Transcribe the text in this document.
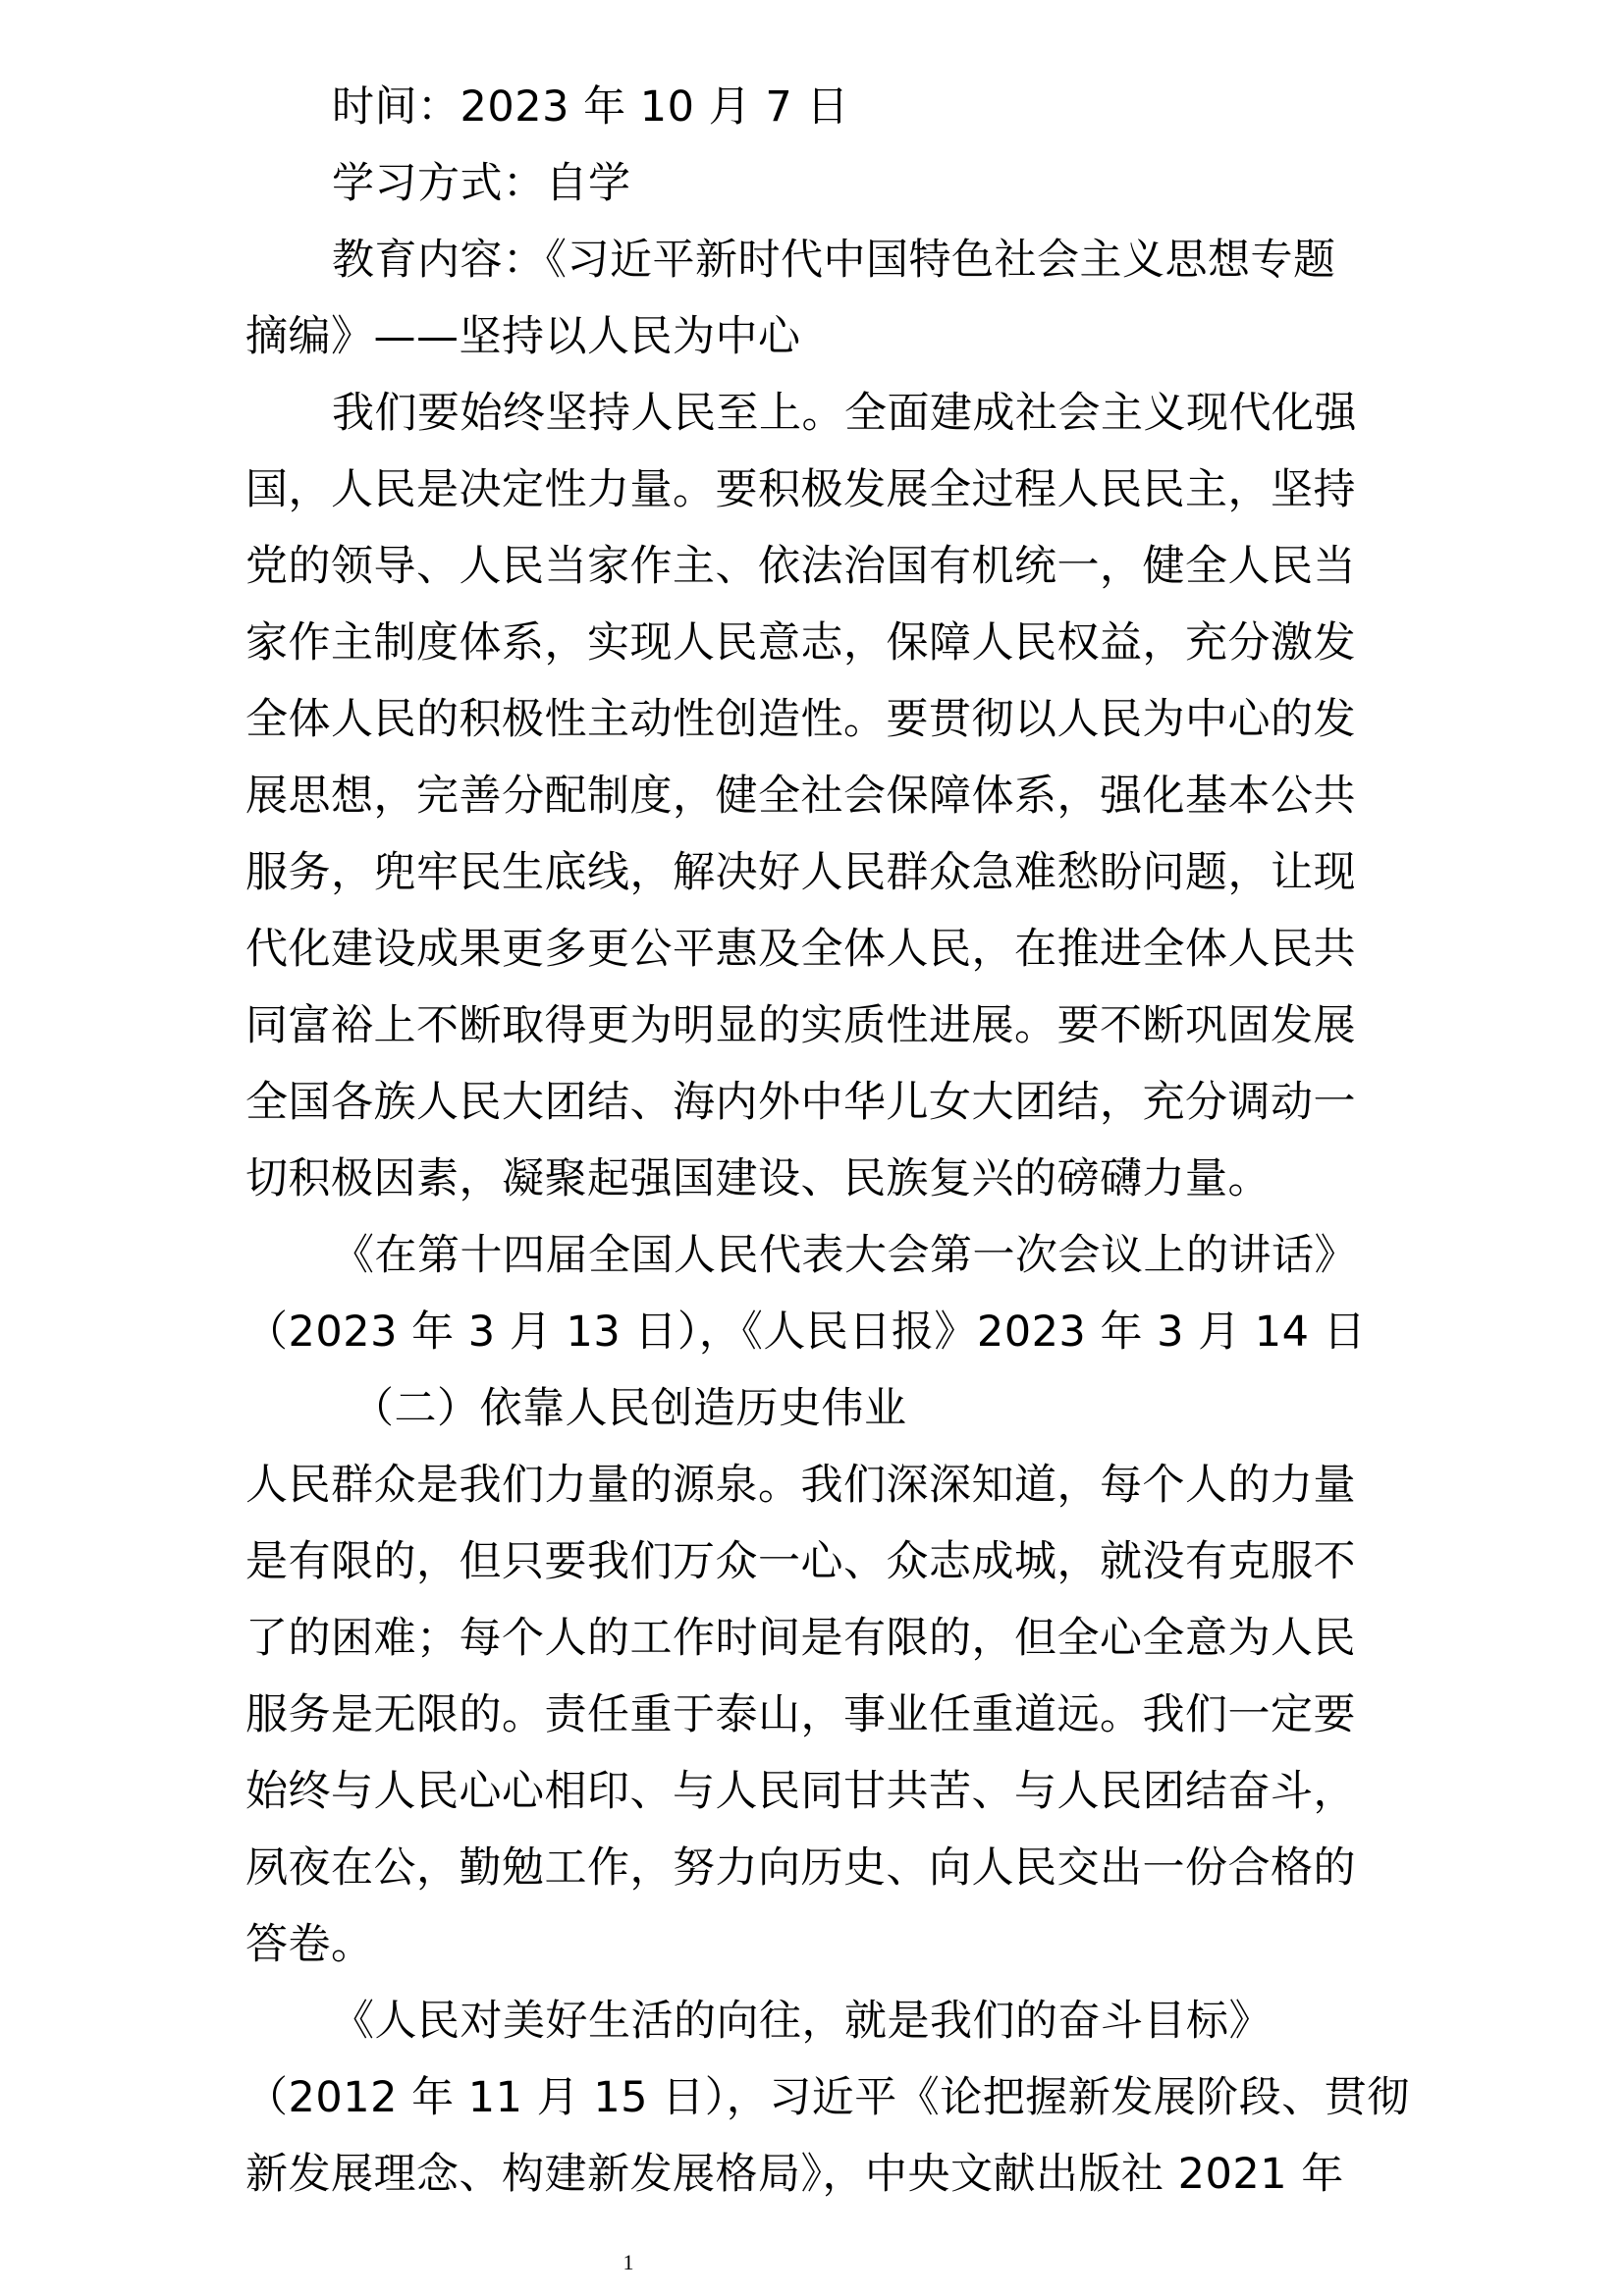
时间：2023 年 10 月 7 日
学习方式：自学
教育内容：《习近平新时代中国特色社会主义思想专题
摘编》——坚持以人民为中心
我们要始终坚持人民至上。全面建成社会主义现代化强
国，人民是决定性力量。要积极发展全过程人民民主，坚持
党的领导、人民当家作主、依法治国有机统一，健全人民当
家作主制度体系，实现人民意志，保障人民权益，充分激发
全体人民的积极性主动性创造性。要贯彻以人民为中心的发
展思想，完善分配制度，健全社会保障体系，强化基本公共
服务，兜牢民生底线，解决好人民群众急难愁盼问题，让现
代化建设成果更多更公平惠及全体人民，在推进全体人民共
同富裕上不断取得更为明显的实质性进展。要不断巩固发展
全国各族人民大团结、海内外中华儿女大团结，充分调动一
切积极因素，凝聚起强国建设、民族复兴的磅礴力量。
《在第十四届全国人民代表大会第一次会议上的讲话》
（2023 年 3 月 13 日），《人民日报》2023 年 3 月 14 日
（二）依靠人民创造历史伟业
人民群众是我们力量的源泉。我们深深知道，每个人的力量
是有限的，但只要我们万众一心、众志成城，就没有克服不
了的困难；每个人的工作时间是有限的，但全心全意为人民
服务是无限的。责任重于泰山，事业任重道远。我们一定要
始终与人民心心相印、与人民同甘共苦、与人民团结奋斗，
夙夜在公，勤勉工作，努力向历史、向人民交出一份合格的
答卷。
《人民对美好生活的向往，就是我们的奋斗目标》
（2012 年 11 月 15 日），习近平《论把握新发展阶段、贯彻
新发展理念、构建新发展格局》，中央文献出版社 2021 年
1
